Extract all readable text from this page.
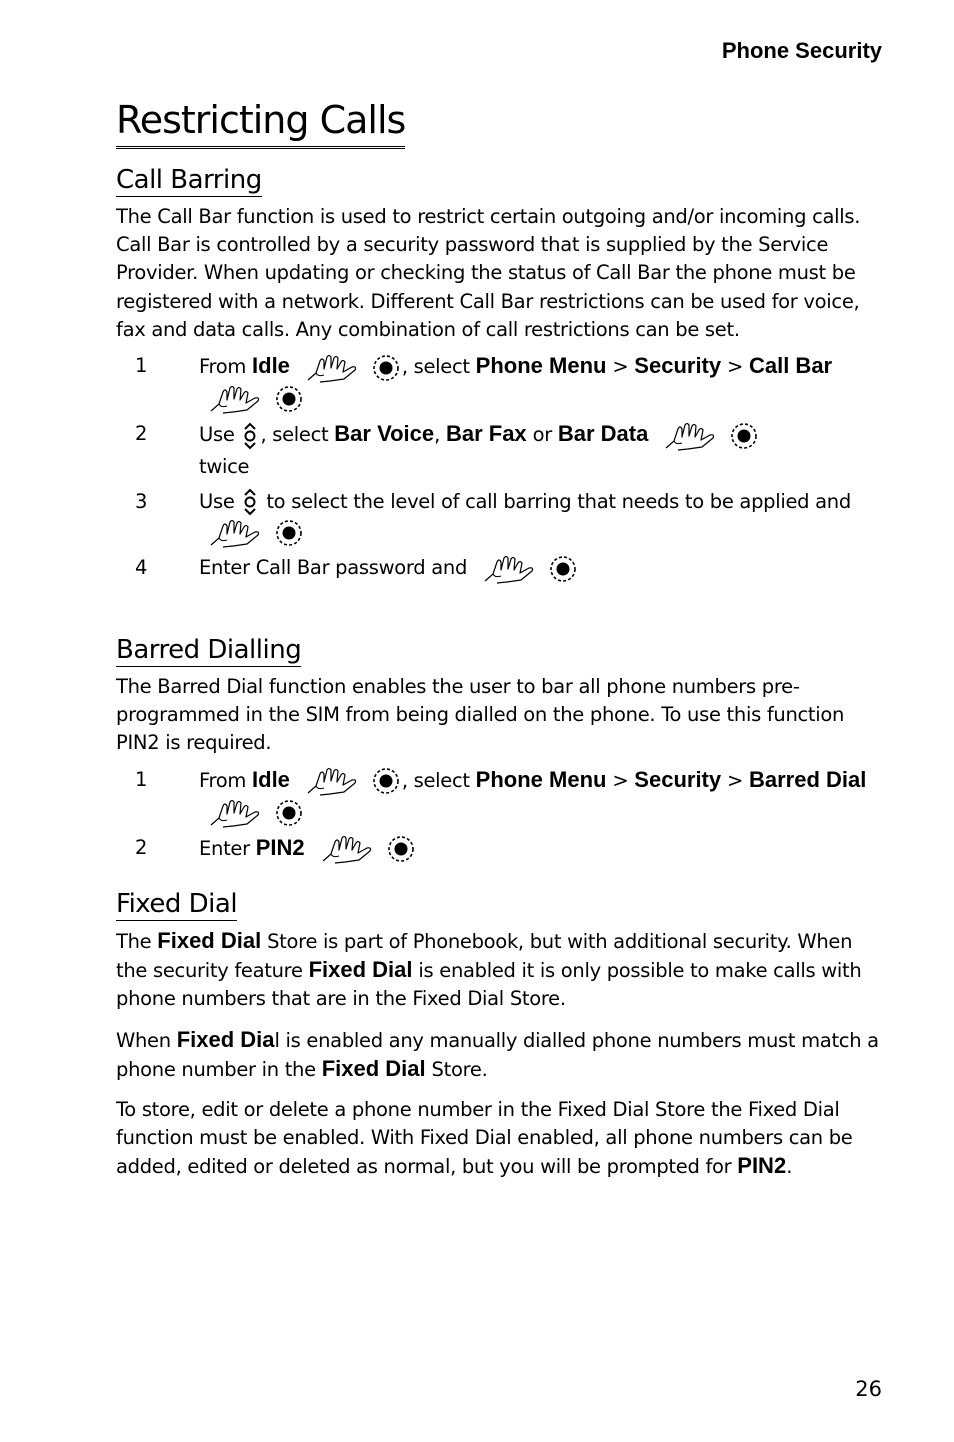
Phone Security
Restricting Calls
Call Barring

The Call Bar function is used to restrict certain outgoing and/or incoming calls. Call Bar is controlled by a security password that is supplied by the Service Provider. When updating or checking the status of Call Bar the phone must be registered with a network. Different Call Bar restrictions can be used for voice, fax and data calls. Any combination of call restrictions can be set.

1	From Idle	, select Phone Menu > Security > Call Bar
2	Use , select Bar Voice, Bar Fax or Bar Data
twice
3	Use  to select the level of call barring that needs to be applied and
4	Enter Call Bar password and
Barred Dialling

The Barred Dial function enables the user to bar all phone numbers pre-programmed in the SIM from being dialled on the phone. To use this function PIN2 is required.

1	From Idle	, select Phone Menu > Security > Barred Dial
2	Enter PIN2
Fixed Dial

The Fixed Dial Store is part of Phonebook, but with additional security. When the security feature Fixed Dial is enabled it is only possible to make calls with phone numbers that are in the Fixed Dial Store.

When Fixed Dial is enabled any manually dialled phone numbers must match a phone number in the Fixed Dial Store.

To store, edit or delete a phone number in the Fixed Dial Store the Fixed Dial function must be enabled. With Fixed Dial enabled, all phone numbers can be added, edited or deleted as normal, but you will be prompted for PIN2.

26
